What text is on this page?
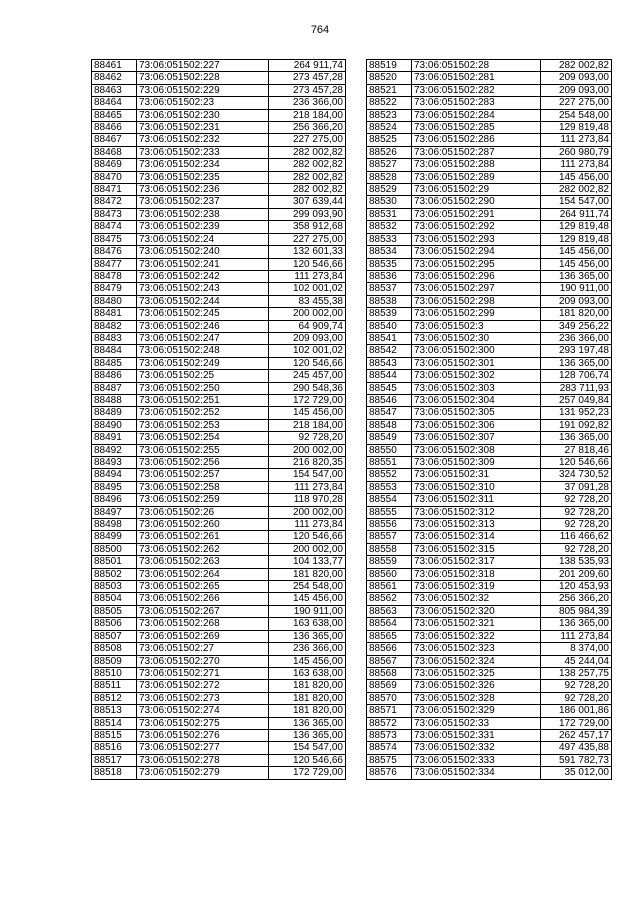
764
88461	73:06:051502:227	264 911,74
88462	73:06:051502:228	273 457,28
88463	73:06:051502:229	273 457,28
88464	73:06:051502:23	236 366,00
88465	73:06:051502:230	218 184,00
88466	73:06:051502:231	256 366,20
88467	73:06:051502:232	227 275,00
88468	73:06:051502:233	282 002,82
88469	73:06:051502:234	282 002,82
88470	73:06:051502:235	282 002,82
88471	73:06:051502:236	282 002,82
88472	73:06:051502:237	307 639,44
88473	73:06:051502:238	299 093,90
88474	73:06:051502:239	358 912,68
88475	73:06:051502:24	227 275,00
88476	73:06:051502:240	132 601,33
88477	73:06:051502:241	120 546,66
88478	73:06:051502:242	111 273,84
88479	73:06:051502:243	102 001,02
88480	73:06:051502:244	83 455,38
88481	73:06:051502:245	200 002,00
88482	73:06:051502:246	64 909,74
88483	73:06:051502:247	209 093,00
88484	73:06:051502:248	102 001,02
88485	73:06:051502:249	120 546,66
88486	73:06:051502:25	245 457,00
88487	73:06:051502:250	290 548,36
88488	73:06:051502:251	172 729,00
88489	73:06:051502:252	145 456,00
88490	73:06:051502:253	218 184,00
88491	73:06:051502:254	92 728,20
88492	73:06:051502:255	200 002,00
88493	73:06:051502:256	216 820,35
88494	73:06:051502:257	154 547,00
88495	73:06:051502:258	111 273,84
88496	73:06:051502:259	118 970,28
88497	73:06:051502:26	200 002,00
88498	73:06:051502:260	111 273,84
88499	73:06:051502:261	120 546,66
88500	73:06:051502:262	200 002,00
88501	73:06:051502:263	104 133,77
88502	73:06:051502:264	181 820,00
88503	73:06:051502:265	254 548,00
88504	73:06:051502:266	145 456,00
88505	73:06:051502:267	190 911,00
88506	73:06:051502:268	163 638,00
88507	73:06:051502:269	136 365,00
88508	73:06:051502:27	236 366,00
88509	73:06:051502:270	145 456,00
88510	73:06:051502:271	163 638,00
88511	73:06:051502:272	181 820,00
88512	73:06:051502:273	181 820,00
88513	73:06:051502:274	181 820,00
88514	73:06:051502:275	136 365,00
88515	73:06:051502:276	136 365,00
88516	73:06:051502:277	154 547,00
88517	73:06:051502:278	120 546,66
88518	73:06:051502:279	172 729,00
88519	73:06:051502:28	282 002,82
88520	73:06:051502:281	209 093,00
88521	73:06:051502:282	209 093,00
88522	73:06:051502:283	227 275,00
88523	73:06:051502:284	254 548,00
88524	73:06:051502:285	129 819,48
88525	73:06:051502:286	111 273,84
88526	73:06:051502:287	260 980,79
88527	73:06:051502:288	111 273,84
88528	73:06:051502:289	145 456,00
88529	73:06:051502:29	282 002,82
88530	73:06:051502:290	154 547,00
88531	73:06:051502:291	264 911,74
88532	73:06:051502:292	129 819,48
88533	73:06:051502:293	129 819,48
88534	73:06:051502:294	145 456,00
88535	73:06:051502:295	145 456,00
88536	73:06:051502:296	136 365,00
88537	73:06:051502:297	190 911,00
88538	73:06:051502:298	209 093,00
88539	73:06:051502:299	181 820,00
88540	73:06:051502:3	349 256,22
88541	73:06:051502:30	236 366,00
88542	73:06:051502:300	293 197,48
88543	73:06:051502:301	136 365,00
88544	73:06:051502:302	128 706,74
88545	73:06:051502:303	283 711,93
88546	73:06:051502:304	257 049,84
88547	73:06:051502:305	131 952,23
88548	73:06:051502:306	191 092,82
88549	73:06:051502:307	136 365,00
88550	73:06:051502:308	27 818,46
88551	73:06:051502:309	120 546,66
88552	73:06:051502:31	324 730,52
88553	73:06:051502:310	37 091,28
88554	73:06:051502:311	92 728,20
88555	73:06:051502:312	92 728,20
88556	73:06:051502:313	92 728,20
88557	73:06:051502:314	116 466,62
88558	73:06:051502:315	92 728,20
88559	73:06:051502:317	138 535,93
88560	73:06:051502:318	201 209,60
88561	73:06:051502:319	120 453,93
88562	73:06:051502:32	256 366,20
88563	73:06:051502:320	805 984,39
88564	73:06:051502:321	136 365,00
88565	73:06:051502:322	111 273,84
88566	73:06:051502:323	8 374,00
88567	73:06:051502:324	45 244,04
88568	73:06:051502:325	138 257,75
88569	73:06:051502:326	92 728,20
88570	73:06:051502:328	92 728,20
88571	73:06:051502:329	186 001,86
88572	73:06:051502:33	172 729,00
88573	73:06:051502:331	262 457,17
88574	73:06:051502:332	497 435,88
88575	73:06:051502:333	591 782,73
88576	73:06:051502:334	35 012,00
